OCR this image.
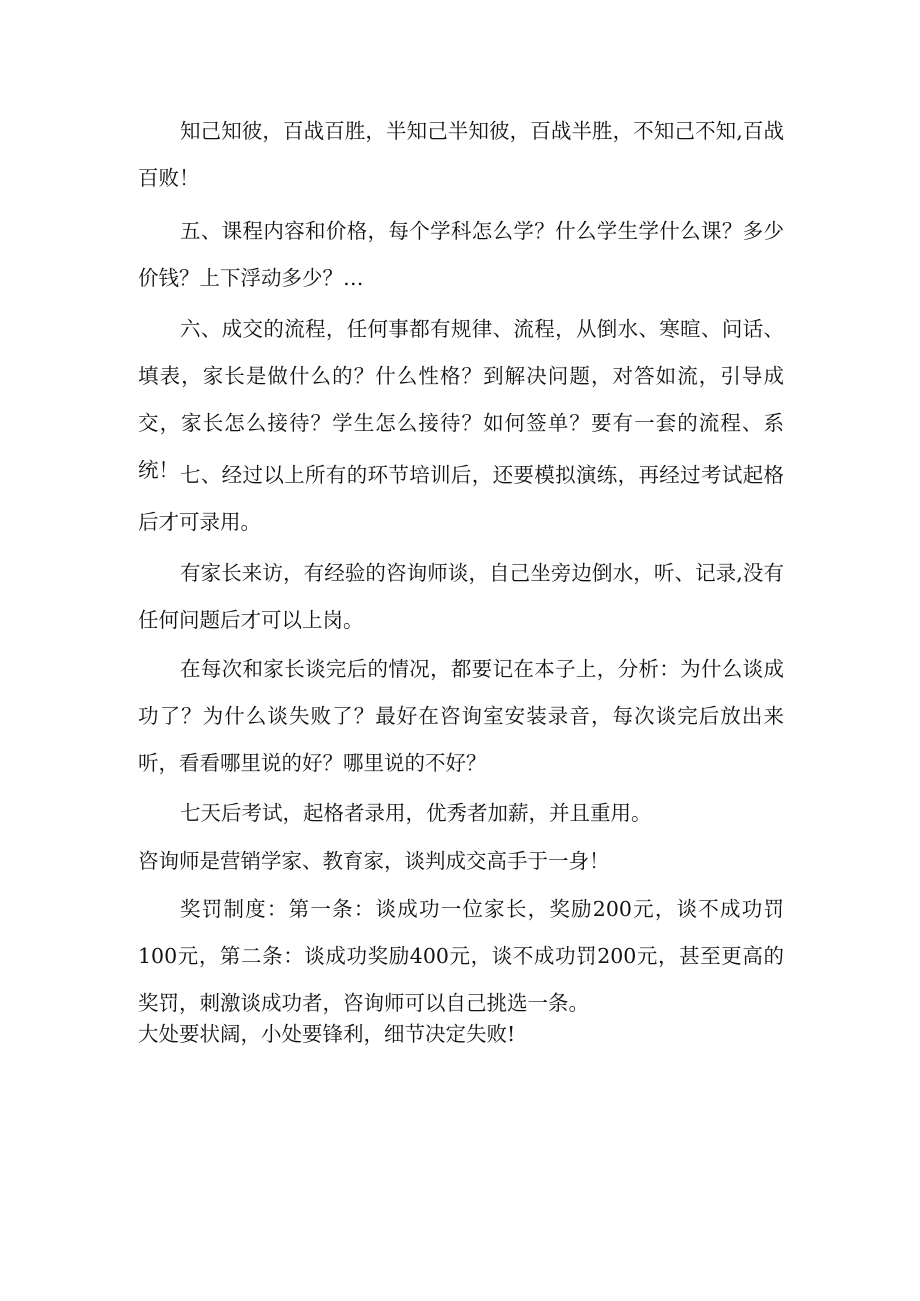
知己知彼，百战百胜，半知己半知彼，百战半胜，不知己不知,百战百败！

五、课程内容和价格，每个学科怎么学？什么学生学什么课？多少价钱？上下浮动多少？…

六、成交的流程，任何事都有规律、流程，从倒水、寒暄、问话、填表，家长是做什么的？什么性格？到解决问题，对答如流，引导成交，家长怎么接待？学生怎么接待？如何签单？要有一套的流程、系统！ 七、经过以上所有的环节培训后，还要模拟演练，再经过考试起格后才可录用。

有家长来访，有经验的咨询师谈，自己坐旁边倒水，听、记录,没有任何问题后才可以上岗。

在每次和家长谈完后的情况，都要记在本子上，分析：为什么谈成功了？为什么谈失败了？最好在咨询室安装录音，每次谈完后放出来听，看看哪里说的好？哪里说的不好？

七天后考试，起格者录用，优秀者加薪，并且重用。

咨询师是营销学家、教育家，谈判成交高手于一身！

奖罚制度：第一条：谈成功一位家长，奖励200元，谈不成功罚100元，第二条：谈成功奖励400元，谈不成功罚200元，甚至更高的奖罚，刺激谈成功者，咨询师可以自己挑选一条。

大处要状阔，小处要锋利，细节决定失败!
